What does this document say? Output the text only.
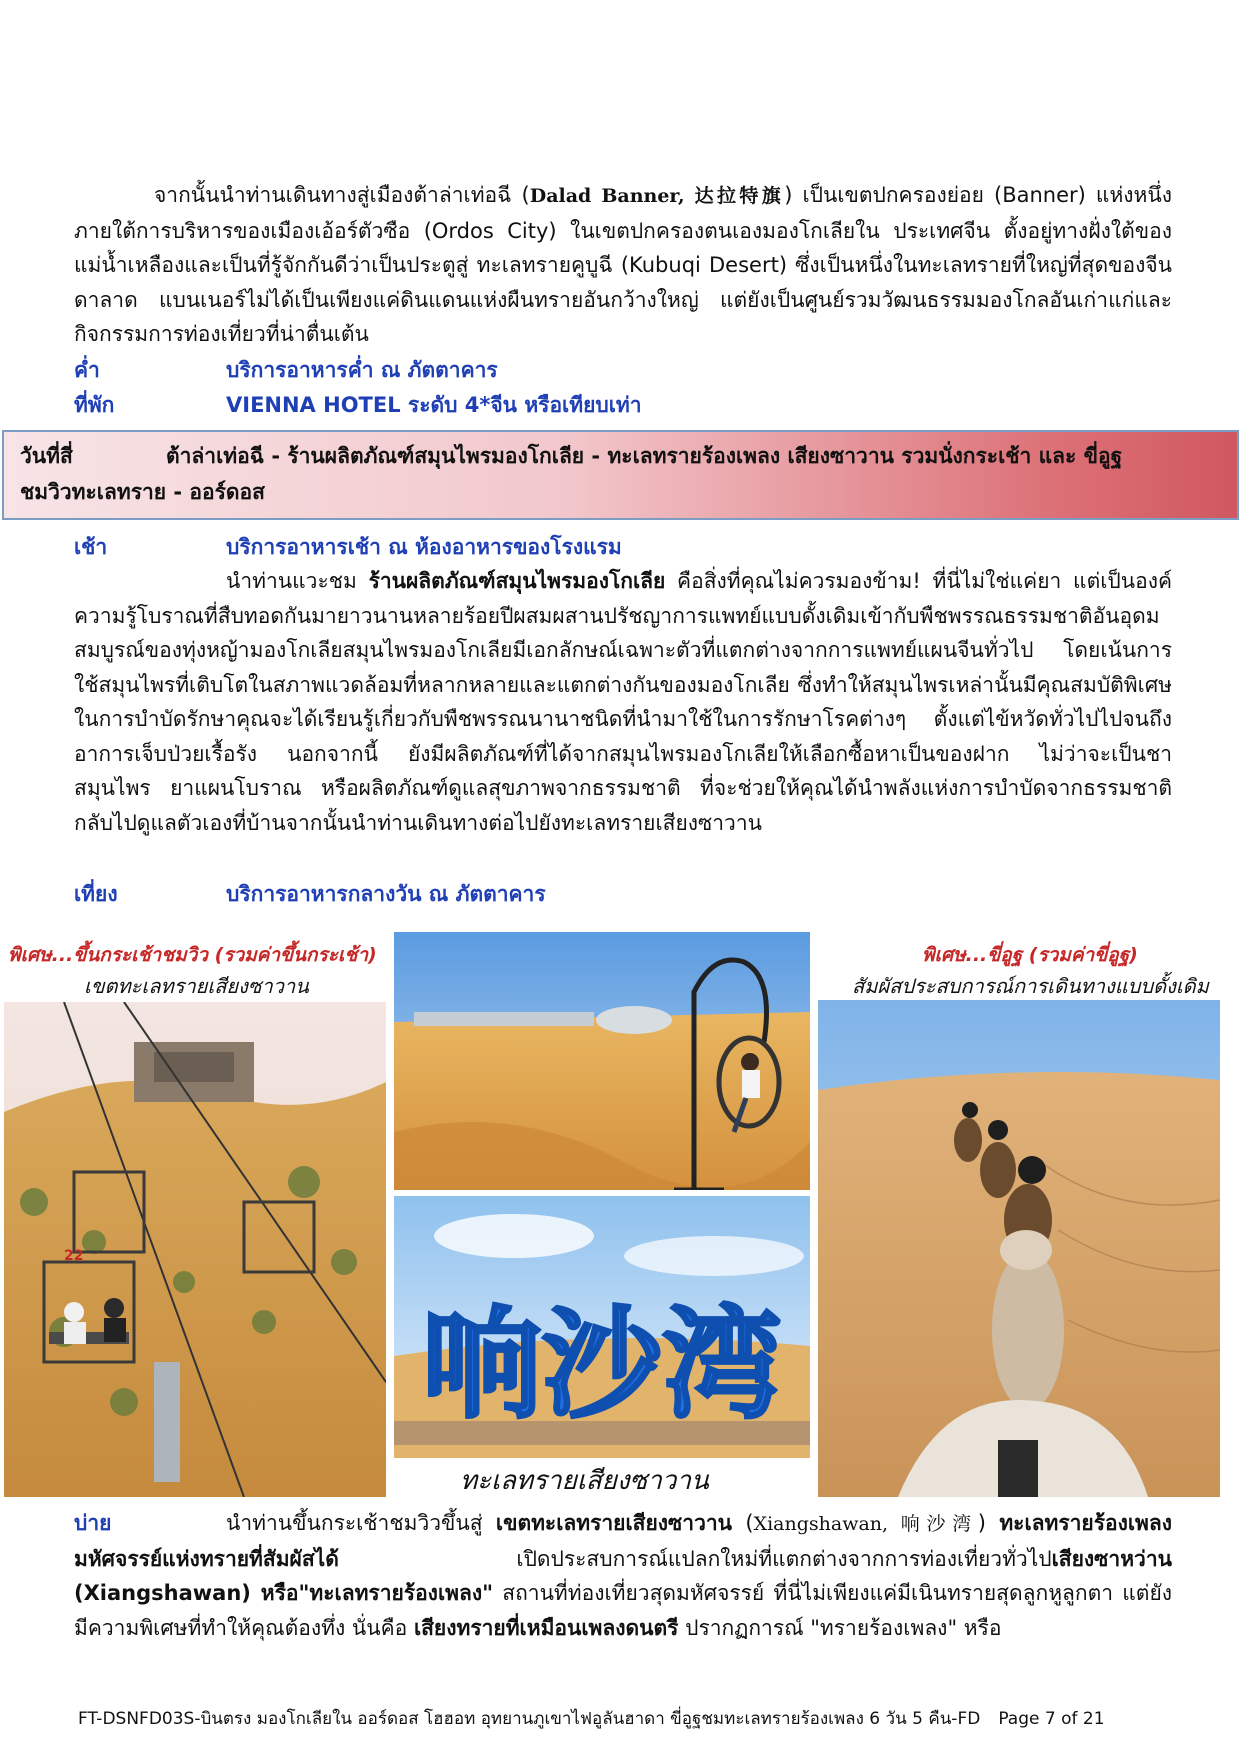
จากนั้นนำท่านเดินทางสู่เมืองต้าล่าเท่อฉี (Dalad Banner, 达拉特旗) เป็นเขตปกครองย่อย (Banner) แห่งหนึ่งภายใต้การบริหารของเมืองเอ้อร์ตัวซือ (Ordos City) ในเขตปกครองตนเองมองโกเลียใน ประเทศจีน ตั้งอยู่ทางฝั่งใต้ของแม่น้ำเหลืองและเป็นที่รู้จักกันดีว่าเป็นประตูสู่ ทะเลทรายคูบูฉี (Kubuqi Desert) ซึ่งเป็นหนึ่งในทะเลทรายที่ใหญ่ที่สุดของจีน ดาลาด แบนเนอร์ไม่ได้เป็นเพียงแค่ดินแดนแห่งผืนทรายอันกว้างใหญ่ แต่ยังเป็นศูนย์รวมวัฒนธรรมมองโกลอันเก่าแก่และกิจกรรมการท่องเที่ยวที่น่าตื่นเต้น

ค่ำ	บริการอาหารค่ำ ณ ภัตตาคาร
ที่พัก	VIENNA HOTEL ระดับ 4*จีน หรือเทียบเท่า
วันที่สี่	ต้าล่าเท่อฉี - ร้านผลิตภัณฑ์สมุนไพรมองโกเลีย - ทะเลทรายร้องเพลง เสียงซาวาน รวมนั่งกระเช้า และ ขี่อูฐ
ชมวิวทะเลทราย - ออร์ดอส
เช้า	บริการอาหารเช้า ณ ห้องอาหารของโรงแรม

นำท่านแวะชม ร้านผลิตภัณฑ์สมุนไพรมองโกเลีย คือสิ่งที่คุณไม่ควรมองข้าม! ที่นี่ไม่ใช่แค่ยา แต่เป็นองค์ความรู้โบราณที่สืบทอดกันมายาวนานหลายร้อยปีผสมผสานปรัชญาการแพทย์แบบดั้งเดิมเข้ากับพืชพรรณธรรมชาติอันอุดมสมบูรณ์ของทุ่งหญ้ามองโกเลียสมุนไพรมองโกเลียมีเอกลักษณ์เฉพาะตัวที่แตกต่างจากการแพทย์แผนจีนทั่วไป โดยเน้นการใช้สมุนไพรที่เติบโตในสภาพแวดล้อมที่หลากหลายและแตกต่างกันของมองโกเลีย ซึ่งทำให้สมุนไพรเหล่านั้นมีคุณสมบัติพิเศษในการบำบัดรักษาคุณจะได้เรียนรู้เกี่ยวกับพืชพรรณนานาชนิดที่นำมาใช้ในการรักษาโรคต่างๆ ตั้งแต่ไข้หวัดทั่วไปไปจนถึงอาการเจ็บป่วยเรื้อรัง นอกจากนี้ ยังมีผลิตภัณฑ์ที่ได้จากสมุนไพรมองโกเลียให้เลือกซื้อหาเป็นของฝาก ไม่ว่าจะเป็นชาสมุนไพร ยาแผนโบราณ หรือผลิตภัณฑ์ดูแลสุขภาพจากธรรมชาติ ที่จะช่วยให้คุณได้นำพลังแห่งการบำบัดจากธรรมชาติกลับไปดูแลตัวเองที่บ้านจากนั้นนำท่านเดินทางต่อไปยังทะเลทรายเสียงซาวาน

เที่ยง	บริการอาหารกลางวัน ณ ภัตตาคาร
พิเศษ...ขึ้นกระเช้าชมวิว (รวมค่าขึ้นกระเช้า)
เขตทะเลทรายเสียงซาวาน
22
响沙湾
พิเศษ...ขี่อูฐ (รวมค่าขี่อูฐ)
สัมผัสประสบการณ์การเดินทางแบบดั้งเดิม
ทะเลทรายเสียงซาวาน
บ่าย	นำท่านขึ้นกระเช้าชมวิวขึ้นสู่ เขตทะเลทรายเสียงซาวาน (Xiangshawan, 响沙湾) ทะเลทรายร้องเพลงมหัศจรรย์แห่งทรายที่สัมผัสได้ เปิดประสบการณ์แปลกใหม่ที่แตกต่างจากการท่องเที่ยวทั่วไปเสียงซาหว่าน (Xiangshawan) หรือ"ทะเลทรายร้องเพลง" สถานที่ท่องเที่ยวสุดมหัศจรรย์ ที่นี่ไม่เพียงแค่มีเนินทรายสุดลูกหูลูกตา แต่ยังมีความพิเศษที่ทำให้คุณต้องทึ่ง นั่นคือ เสียงทรายที่เหมือนเพลงดนตรี ปรากฏการณ์ "ทรายร้องเพลง" หรือ

FT-DSNFD03S-บินตรง มองโกเลียใน ออร์ดอส โฮฮอท อุทยานภูเขาไฟอูลันฮาดา ขี่อูฐชมทะเลทรายร้องเพลง 6 วัน 5 คืน-FD Page 7 of 21
